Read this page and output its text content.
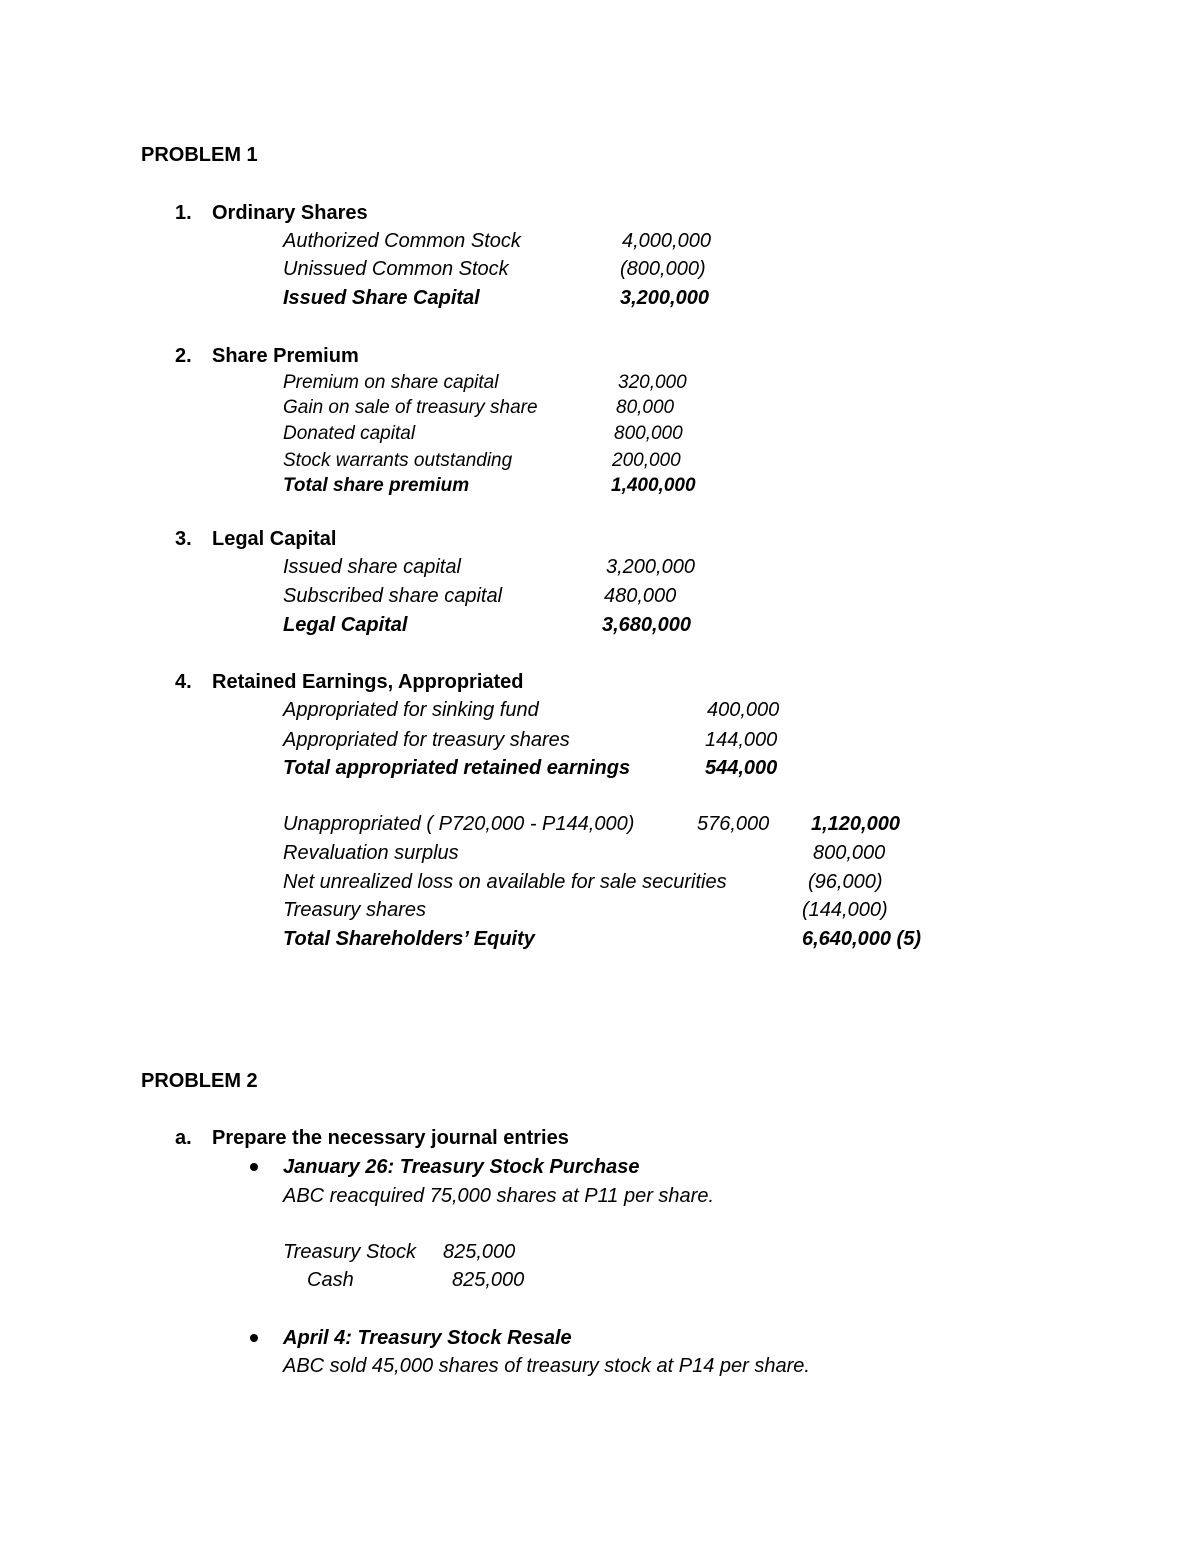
PROBLEM 1
1. Ordinary Shares
Authorized Common Stock	4,000,000
Unissued Common Stock	(800,000)
Issued Share Capital	3,200,000
2. Share Premium
Premium on share capital	320,000
Gain on sale of treasury share	80,000
Donated capital	800,000
Stock warrants outstanding	200,000
Total share premium	1,400,000
3. Legal Capital
Issued share capital	3,200,000
Subscribed share capital	480,000
Legal Capital	3,680,000
4. Retained Earnings, Appropriated
Appropriated for sinking fund	400,000
Appropriated for treasury shares	144,000
Total appropriated retained earnings	544,000
Unappropriated ( P720,000 - P144,000)	576,000 1,120,000
Revaluation surplus	800,000
Net unrealized loss on available for sale securities	(96,000)
Treasury shares	(144,000)
Total Shareholders’ Equity	6,640,000 (5)
PROBLEM 2
a. Prepare the necessary journal entries
January 26: Treasury Stock Purchase
ABC reacquired 75,000 shares at P11 per share.
Treasury Stock 825,000
Cash	825,000
April 4: Treasury Stock Resale
ABC sold 45,000 shares of treasury stock at P14 per share.
